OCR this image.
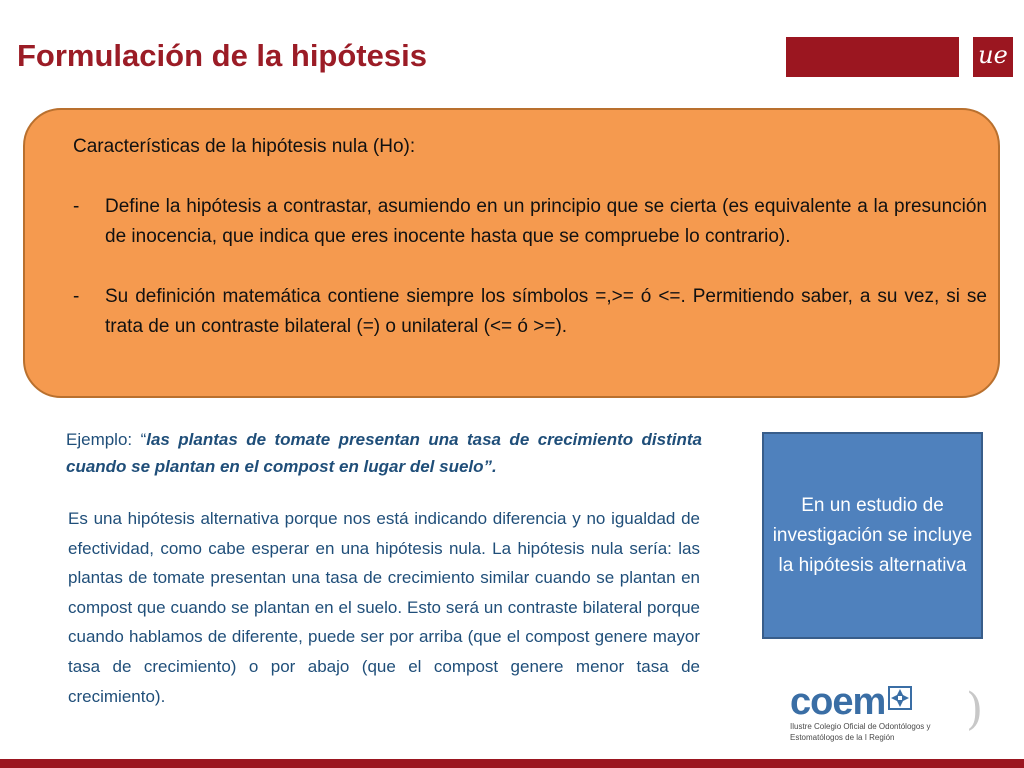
Formulación de la hipótesis	ue
Características de la hipótesis nula (Ho):
-	Define la hipótesis a contrastar, asumiendo en un principio que se cierta (es equivalente a la presunción de inocencia, que indica que eres inocente hasta que se compruebe lo contrario).
-	Su definición matemática contiene siempre los símbolos =,>= ó <=. Permitiendo saber, a su vez, si se trata de un contraste bilateral (=) o unilateral (<= ó >=).
Ejemplo: “las plantas de tomate presentan una tasa de crecimiento distinta cuando se plantan en el compost en lugar del suelo”.
Es una hipótesis alternativa porque nos está indicando diferencia y no igualdad de efectividad, como cabe esperar en una hipótesis nula. La hipótesis nula sería: las plantas de tomate presentan una tasa de crecimiento similar cuando se plantan en compost que cuando se plantan en el suelo. Esto será un contraste bilateral porque cuando hablamos de diferente, puede ser por arriba (que el compost genere mayor tasa de crecimiento) o por abajo (que el compost genere menor tasa de crecimiento).
En un estudio de investigación se incluye la hipótesis alternativa
coem
Ilustre Colegio Oficial de Odontólogos y
Estomatólogos de la I Región
)
